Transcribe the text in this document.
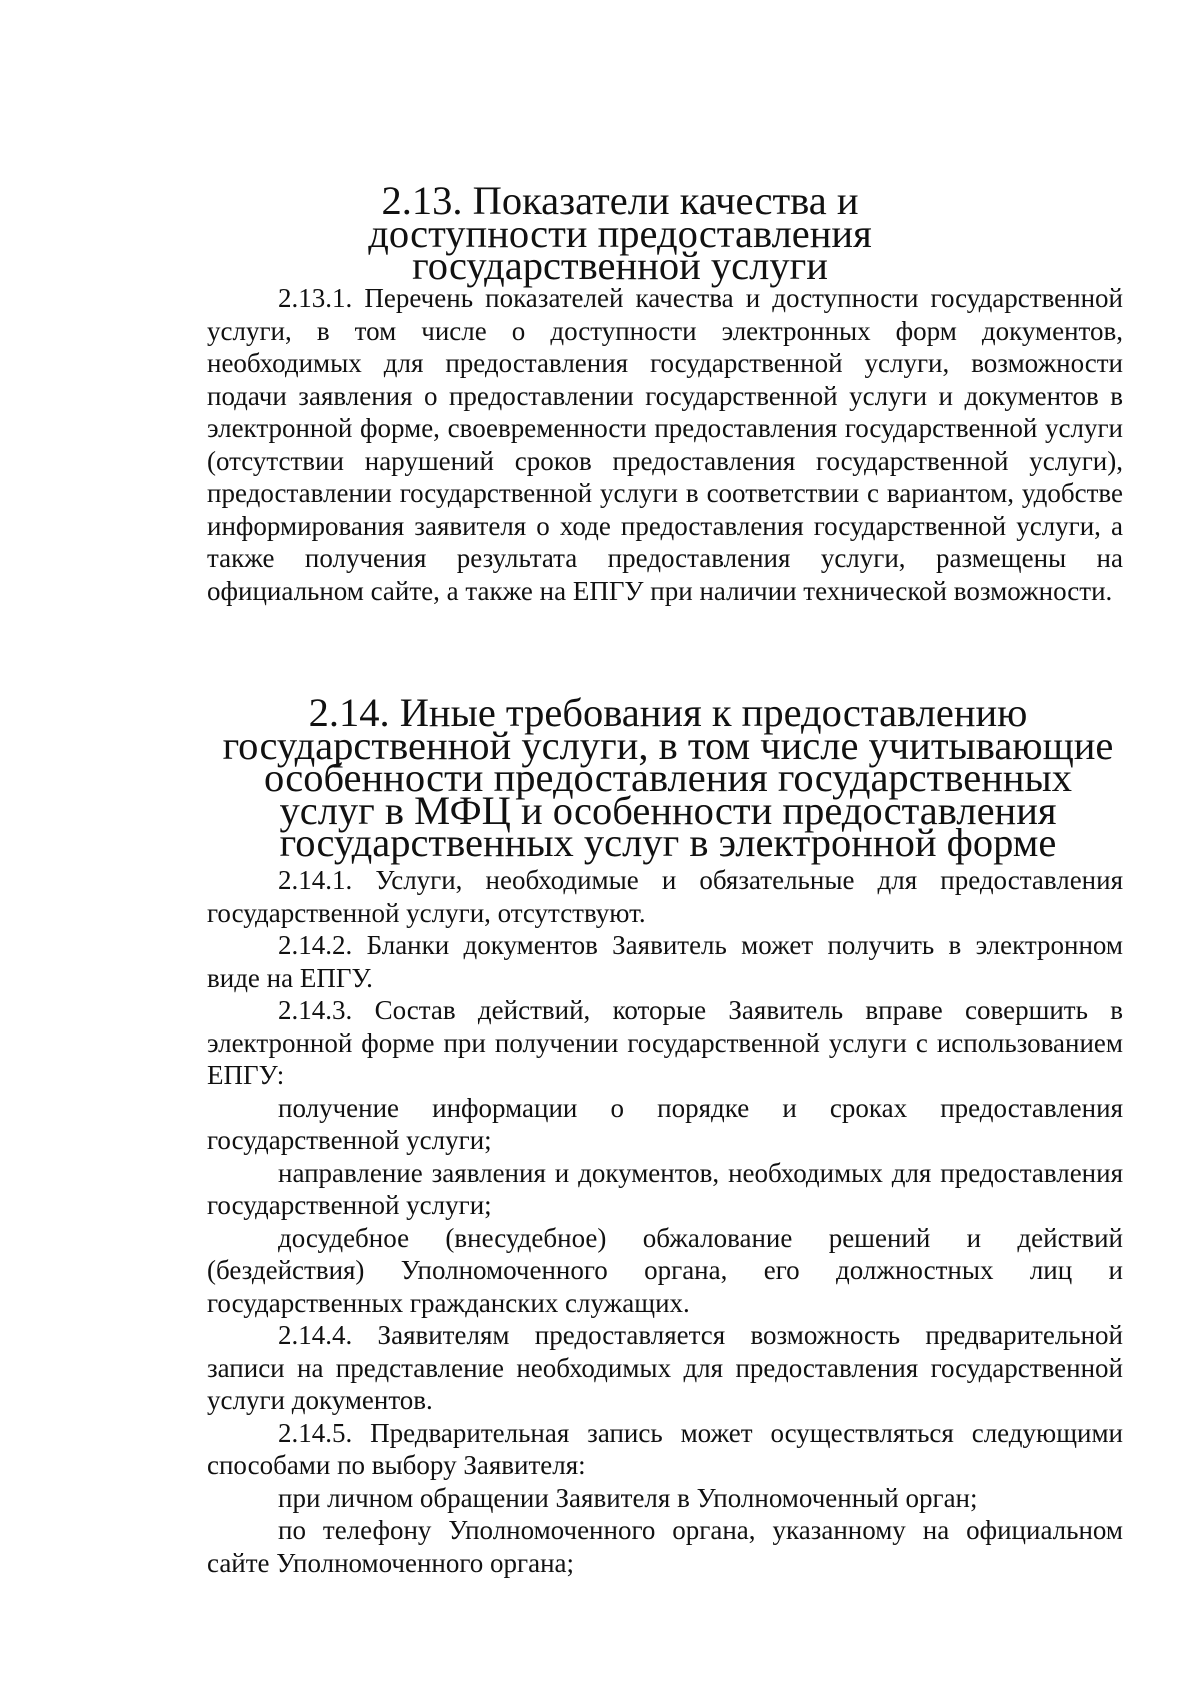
2.13. Показатели качества и доступности предоставления государственной услуги

2.13.1. Перечень показателей качества и доступности государственной услуги, в том числе о доступности электронных форм документов, необходимых для предоставления государственной услуги, возможности подачи заявления о предоставлении государственной услуги и документов в электронной форме, своевременности предоставления государственной услуги (отсутствии нарушений сроков предоставления государственной услуги), предоставлении государственной услуги в соответствии с вариантом, удобстве информирования заявителя о ходе предоставления государственной услуги, а также получения результата предоставления услуги, размещены на официальном сайте, а также на ЕПГУ при наличии технической возможности.

2.14. Иные требования к предоставлению государственной услуги, в том числе учитывающие особенности предоставления государственных услуг в МФЦ и особенности предоставления государственных услуг в электронной форме

2.14.1. Услуги, необходимые и обязательные для предоставления государственной услуги, отсутствуют.

2.14.2. Бланки документов Заявитель может получить в электронном виде на ЕПГУ.

2.14.3. Состав действий, которые Заявитель вправе совершить в электронной форме при получении государственной услуги с использованием ЕПГУ:

получение информации о порядке и сроках предоставления государственной услуги;

направление заявления и документов, необходимых для предоставления государственной услуги;

досудебное (внесудебное) обжалование решений и действий (бездействия) Уполномоченного органа, его должностных лиц и государственных гражданских служащих.

2.14.4. Заявителям предоставляется возможность предварительной записи на представление необходимых для предоставления государственной услуги документов.

2.14.5. Предварительная запись может осуществляться следующими способами по выбору Заявителя:

при личном обращении Заявителя в Уполномоченный орган;

по телефону Уполномоченного органа, указанному на официальном сайте Уполномоченного органа;
